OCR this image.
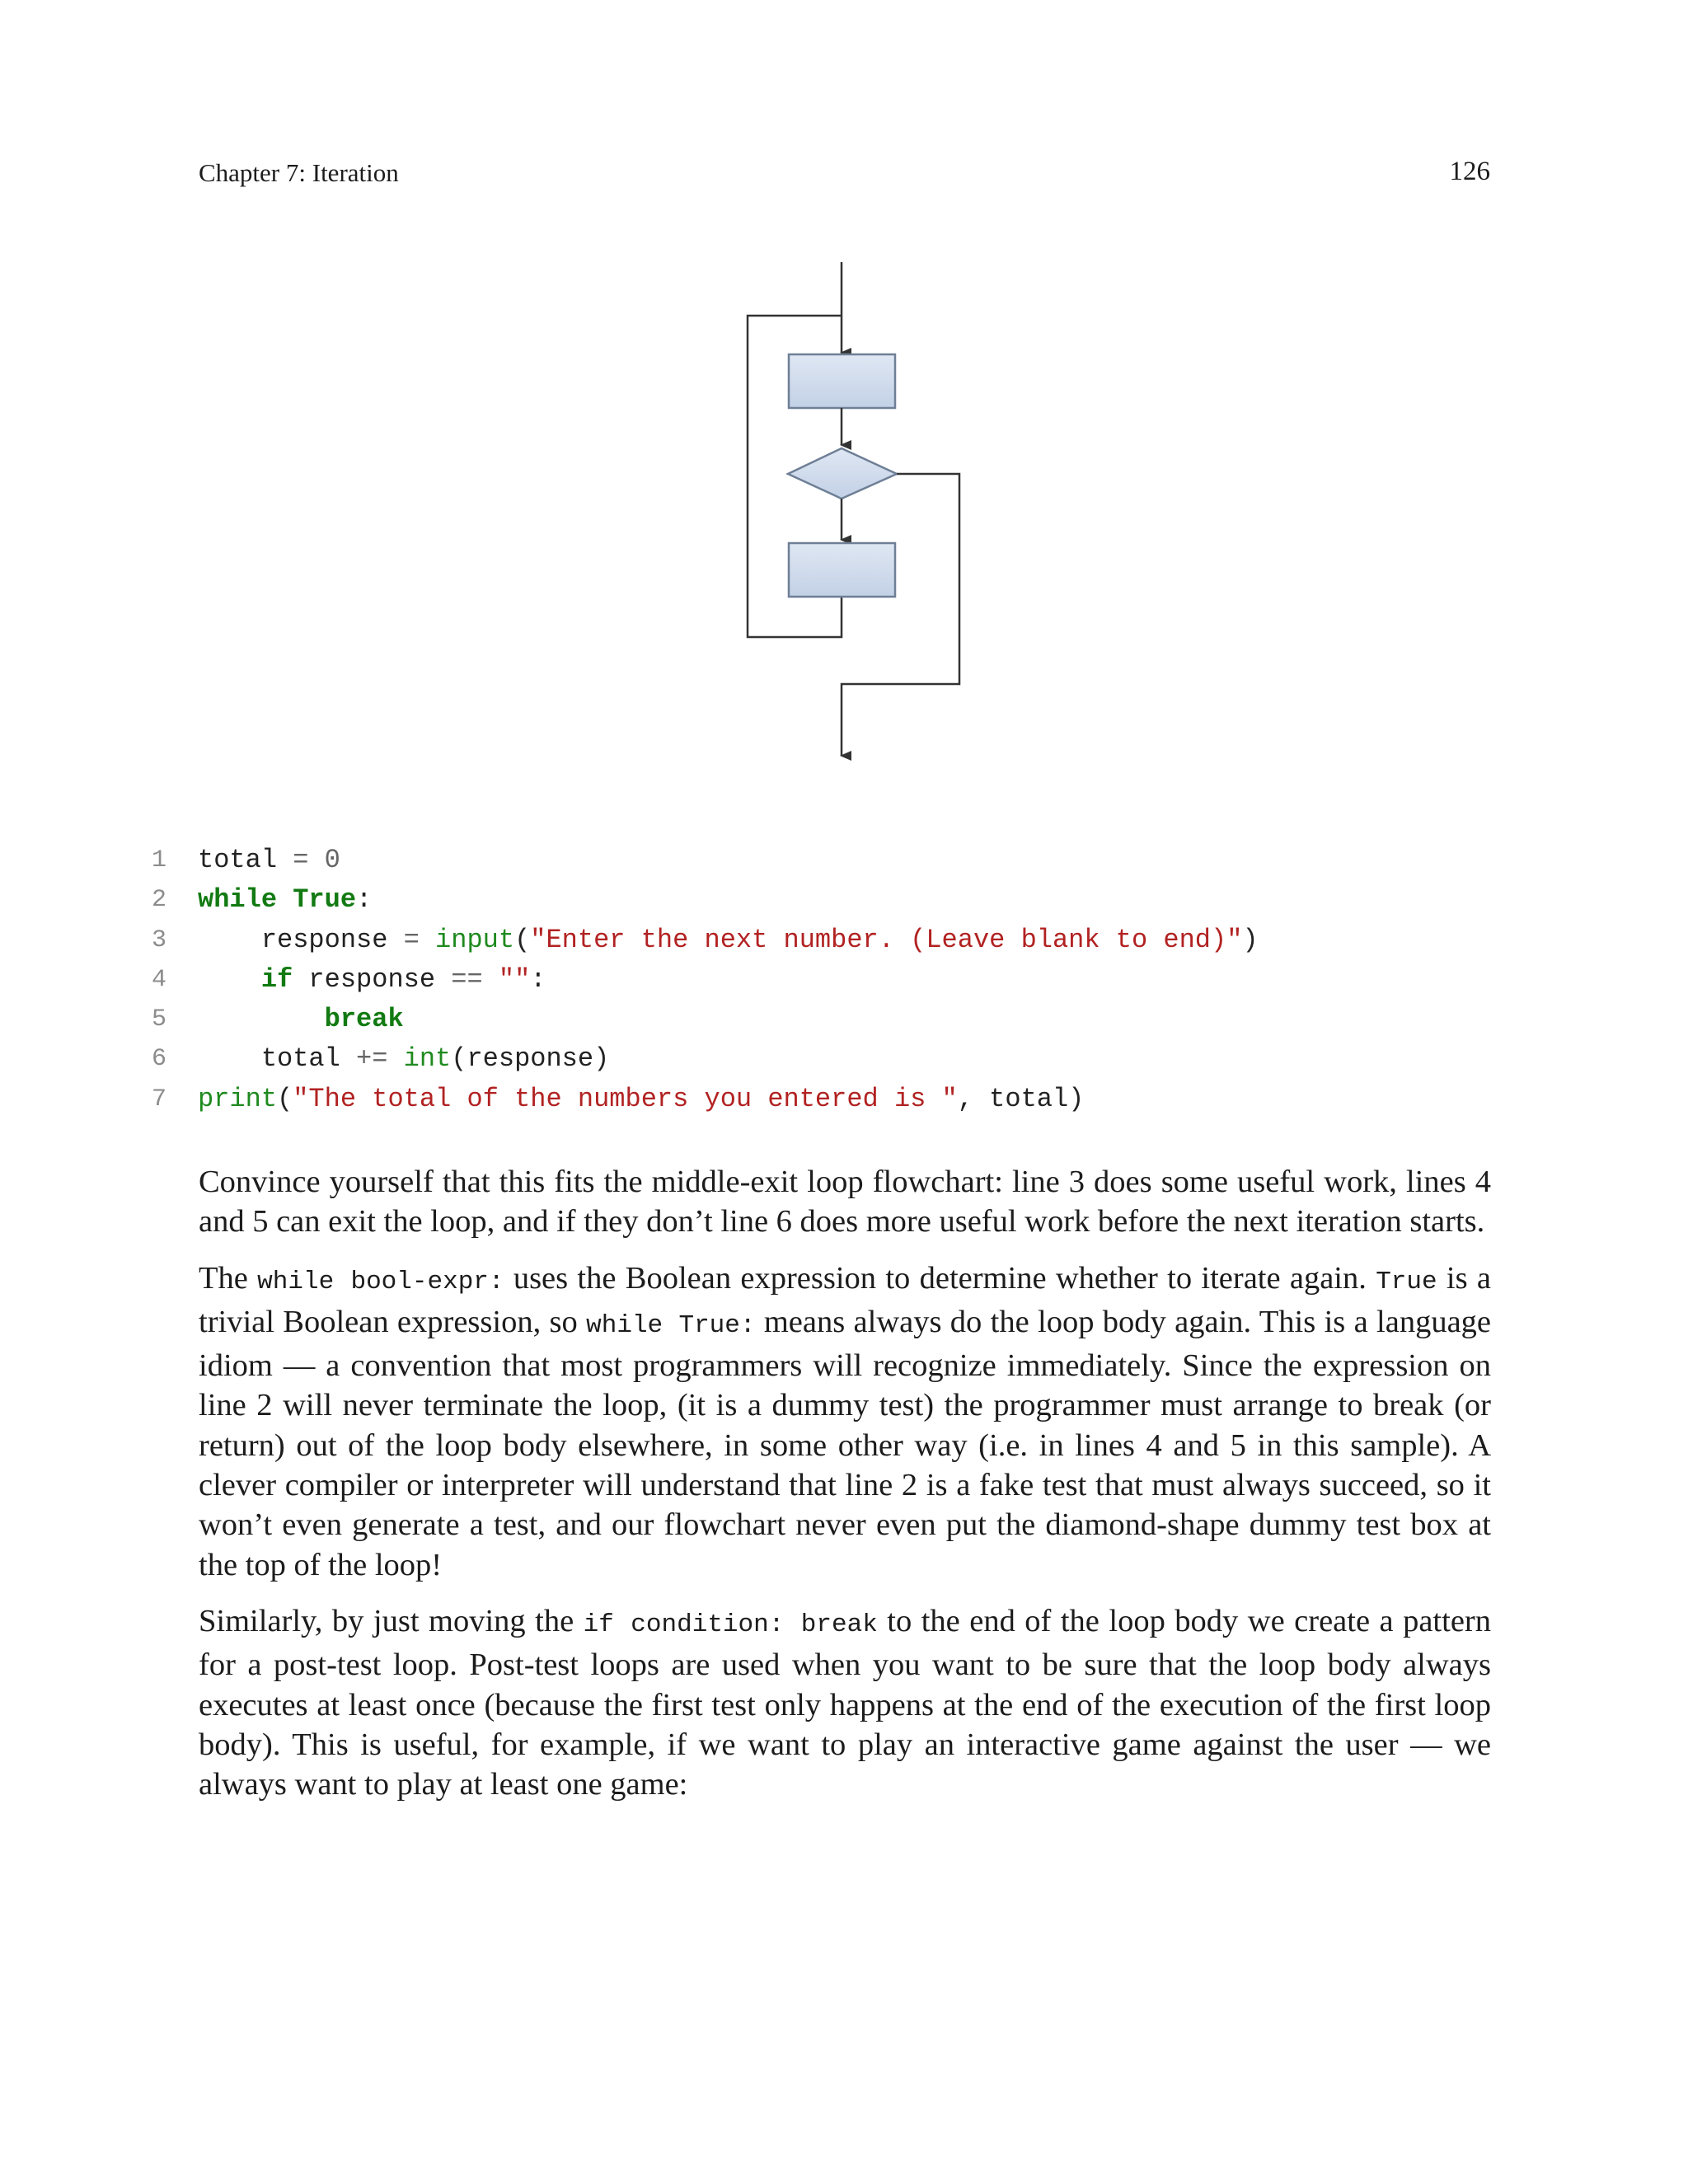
Chapter 7: Iteration	126
1 total = 0
2 while True:
3 response = input("Enter the next number. (Leave blank to end)")
4	if response == "":
5	break
6 total += int(response)
7 print("The total of the numbers you entered is ", total)

Convince yourself that this fits the middle-exit loop flowchart: line 3 does some useful work, lines 4 and 5 can exit the loop, and if they don’t line 6 does more useful work before the next iteration starts.

The while bool-expr: uses the Boolean expression to determine whether to iterate again. True is a trivial Boolean expression, so while True: means always do the loop body again. This is a language idiom — a convention that most programmers will recognize immediately. Since the expression on line 2 will never terminate the loop, (it is a dummy test) the programmer must arrange to break (or return) out of the loop body elsewhere, in some other way (i.e. in lines 4 and 5 in this sample). A clever compiler or interpreter will understand that line 2 is a fake test that must always succeed, so it won’t even generate a test, and our flowchart never even put the diamond-shape dummy test box at the top of the loop!

Similarly, by just moving the if condition: break to the end of the loop body we create a pattern for a post-test loop. Post-test loops are used when you want to be sure that the loop body always executes at least once (because the first test only happens at the end of the execution of the first loop body). This is useful, for example, if we want to play an interactive game against the user — we always want to play at least one game:
